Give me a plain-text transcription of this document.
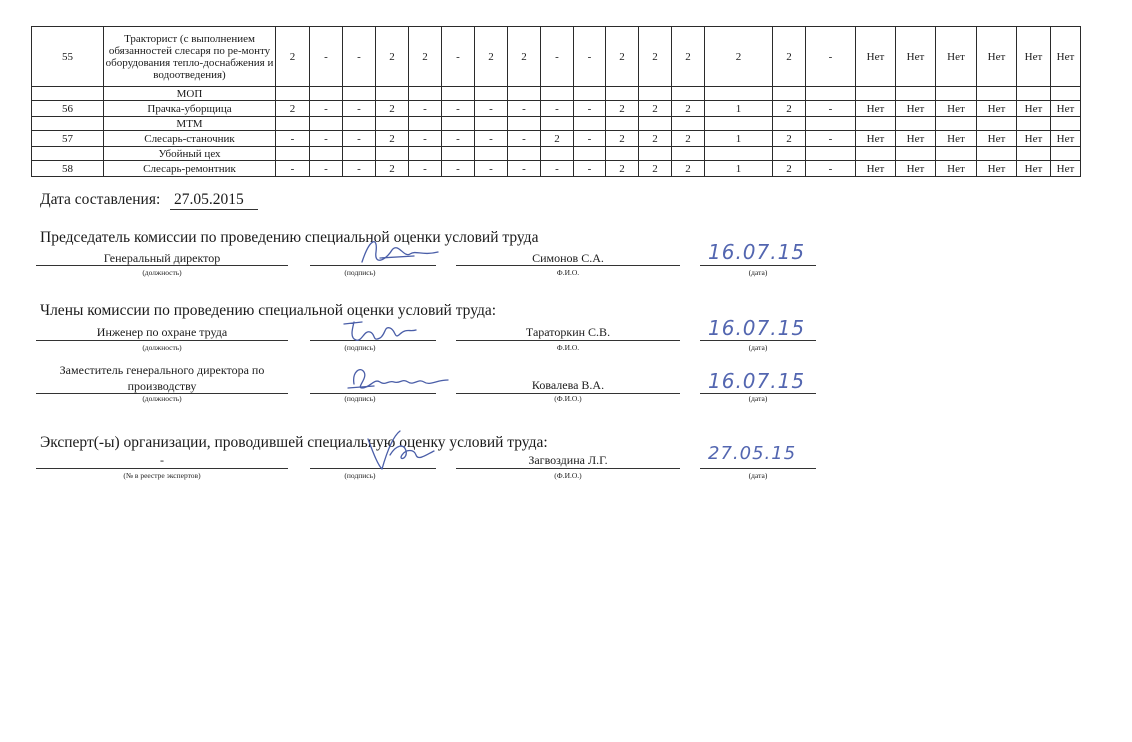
55	Тракторист (с выполнением обязанностей слесаря по ре-монту оборудования тепло-доснабжения и водоотведения)	2	-	-	2	2	-	2	2	-	-	2	2	2	2	2	-	Нет	Нет	Нет	Нет	Нет	Нет
	МОП																						
56	Прачка-уборщица	2	-	-	2	-	-	-	-	-	-	2	2	2	1	2	-	Нет	Нет	Нет	Нет	Нет	Нет
	МТМ																						
57	Слесарь-станочник	-	-	-	2	-	-	-	-	2	-	2	2	2	1	2	-	Нет	Нет	Нет	Нет	Нет	Нет
	Убойный цех																						
58	Слесарь-ремонтник	-	-	-	2	-	-	-	-	-	-	2	2	2	1	2	-	Нет	Нет	Нет	Нет	Нет	Нет
Дата составления: 27.05.2015
Председатель комиссии по проведению специальной оценки условий труда
Генеральный директор
(должность)	(подпись)
Симонов С.А.
Ф.И.О.	(дата)
16.07.15
Члены комиссии по проведению специальной оценки условий труда:
Инженер по охране труда
(должность)	(подпись)
Тараторкин С.В.
Ф.И.О.	(дата)
16.07.15
Заместитель генерального директора по
производству
(должность)	(подпись)
Ковалева В.А.
(Ф.И.О.)	(дата)
16.07.15
Эксперт(-ы) организации, проводившей специальную оценку условий труда:
-
(№ в реестре экспертов)	(подпись)
Загвоздина Л.Г.
(Ф.И.О.)	(дата)
27.05.15
